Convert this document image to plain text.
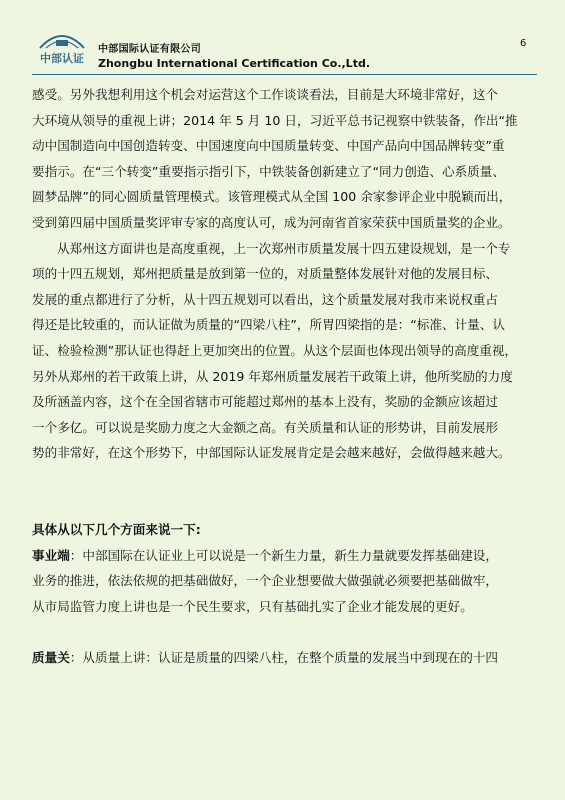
中部认证
中部国际认证有限公司
Zhongbu International Certification Co.,Ltd.
6
感受。另外我想利用这个机会对运营这个工作谈谈看法，目前是大环境非常好，这个
大环境从领导的重视上讲；2014 年 5 月 10 日，习近平总书记视察中铁装备，作出“推
动中国制造向中国创造转变、中国速度向中国质量转变、中国产品向中国品牌转变”重
要指示。在“三个转变”重要指示指引下，中铁装备创新建立了“同力创造、心系质量、
圆梦品牌”的同心圆质量管理模式。该管理模式从全国 100 余家参评企业中脱颖而出，
受到第四届中国质量奖评审专家的高度认可，成为河南省首家荣获中国质量奖的企业。
从郑州这方面讲也是高度重视，上一次郑州市质量发展十四五建设规划，是一个专
项的十四五规划，郑州把质量是放到第一位的，对质量整体发展针对他的发展目标、
发展的重点都进行了分析，从十四五规划可以看出，这个质量发展对我市来说权重占
得还是比较重的，而认证做为质量的“四梁八柱”，所胃四梁指的是：“标准、计量、认
证、检验检测”那认证也得赶上更加突出的位置。从这个层面也体现出领导的高度重视，
另外从郑州的若干政策上讲，从 2019 年郑州质量发展若干政策上讲，他所奖励的力度
及所涵盖内容，这个在全国省辖市可能超过郑州的基本上没有，奖励的金额应该超过
一个多亿。可以说是奖励力度之大金额之高。有关质量和认证的形势讲，目前发展形
势的非常好，在这个形势下，中部国际认证发展肯定是会越来越好，会做得越来越大。
具体从以下几个方面来说一下:
事业端：中部国际在认证业上可以说是一个新生力量，新生力量就要发挥基础建设，
业务的推进，依法依规的把基础做好，一个企业想要做大做强就必须要把基础做牢，
从市局监管力度上讲也是一个民生要求，只有基础扎实了企业才能发展的更好。
质量关：从质量上讲：认证是质量的四梁八柱，在整个质量的发展当中到现在的十四
